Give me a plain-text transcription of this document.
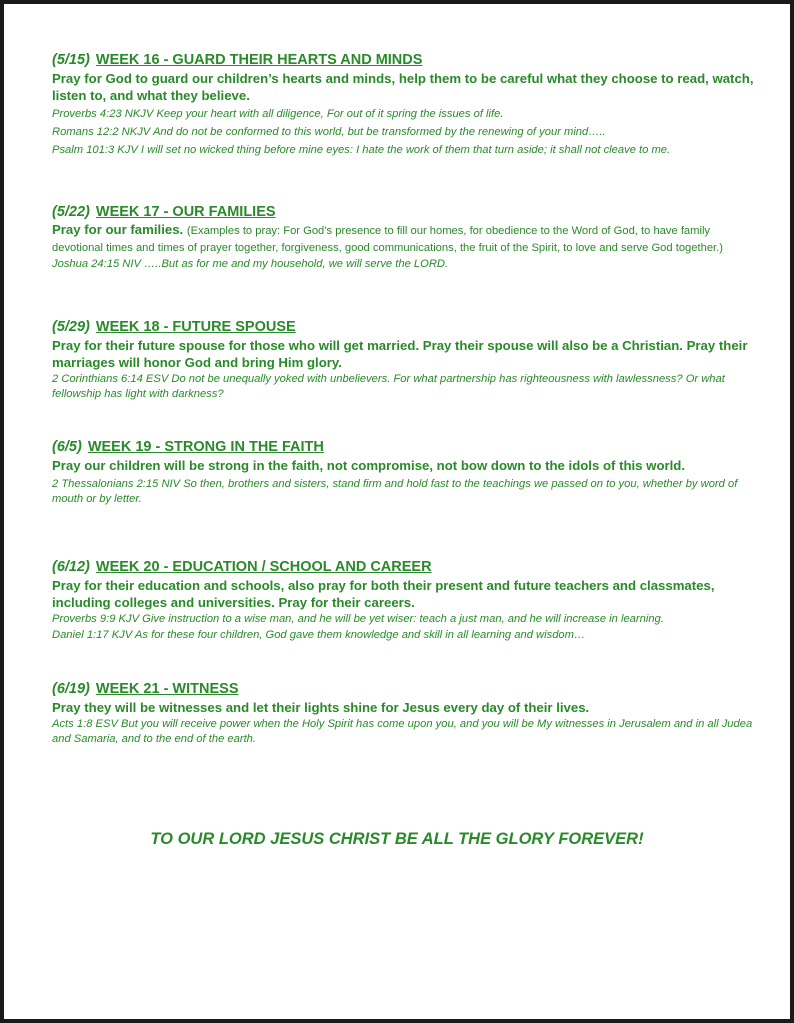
(5/15) WEEK 16 - GUARD THEIR HEARTS AND MINDS

Pray for God to guard our children’s hearts and minds, help them to be careful what they choose to read, watch, listen to, and what they believe.

Proverbs 4:23 NKJV Keep your heart with all diligence, For out of it spring the issues of life.

Romans 12:2 NKJV And do not be conformed to this world, but be transformed by the renewing of your mind…..

Psalm 101:3 KJV I will set no wicked thing before mine eyes: I hate the work of them that turn aside; it shall not cleave to me.

(5/22) WEEK 17 - OUR FAMILIES

Pray for our families. (Examples to pray: For God’s presence to fill our homes, for obedience to the Word of God, to have family devotional times and times of prayer together, forgiveness, good communications, the fruit of the Spirit, to love and serve God together.)

Joshua 24:15 NIV …..But as for me and my household, we will serve the LORD.

(5/29) WEEK 18 - FUTURE SPOUSE

Pray for their future spouse for those who will get married. Pray their spouse will also be a Christian. Pray their marriages will honor God and bring Him glory.

2 Corinthians 6:14 ESV Do not be unequally yoked with unbelievers. For what partnership has righteousness with lawlessness? Or what fellowship has light with darkness?

(6/5) WEEK 19 - STRONG IN THE FAITH

Pray our children will be strong in the faith, not compromise, not bow down to the idols of this world.

2 Thessalonians 2:15 NIV So then, brothers and sisters, stand firm and hold fast to the teachings we passed on to you, whether by word of mouth or by letter.

(6/12) WEEK 20 - EDUCATION / SCHOOL AND CAREER

Pray for their education and schools, also pray for both their present and future teachers and classmates, including colleges and universities. Pray for their careers.

Proverbs 9:9 KJV Give instruction to a wise man, and he will be yet wiser: teach a just man, and he will increase in learning.

Daniel 1:17 KJV As for these four children, God gave them knowledge and skill in all learning and wisdom…

(6/19) WEEK 21 - WITNESS

Pray they will be witnesses and let their lights shine for Jesus every day of their lives.

Acts 1:8 ESV But you will receive power when the Holy Spirit has come upon you, and you will be My witnesses in Jerusalem and in all Judea and Samaria, and to the end of the earth.

TO OUR LORD JESUS CHRIST BE ALL THE GLORY FOREVER!
